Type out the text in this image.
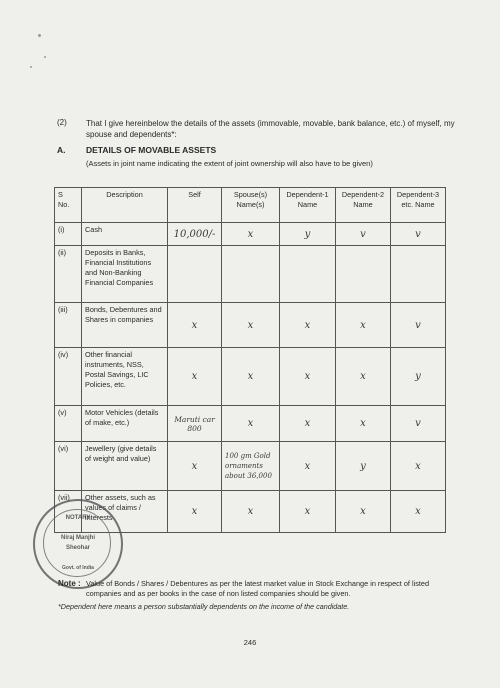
(2) That I give hereinbelow the details of the assets (immovable, movable, bank balance, etc.) of myself, my spouse and dependents*:
A. DETAILS OF MOVABLE ASSETS
(Assets in joint name indicating the extent of joint ownership will also have to be given)
S
No.	Description	Self	Spouse(s) Name(s)	Dependent-1 Name	Dependent-2 Name	Dependent-3 etc. Name
(i)	Cash	10,000/-	x	y	v	v
(ii)	Deposits in Banks, Financial Institutions and Non-Banking Financial Companies					
(iii)	Bonds, Debentures and Shares in companies	x	x	x	x	v
(iv)	Other financial instruments, NSS, Postal Savings, LIC Policies, etc.	x	x	x	x	y
(v)	Motor Vehicles (details of make, etc.)	Maruti car 800	x	x	x	v
(vi)	Jewellery (give details of weight and value)	x	100 gm Gold ornaments about 36,000	x	y	x
(vii)	Other assets, such as values of claims / interests	x	x	x	x	x
NOTARY
Niraj Manjhi
Sheohar
Govt. of India
Note : Value of Bonds / Shares / Debentures as per the latest market value in Stock Exchange in respect of listed companies and as per books in the case of non listed companies should be given.
*Dependent here means a person substantially dependents on the income of the candidate.
246
